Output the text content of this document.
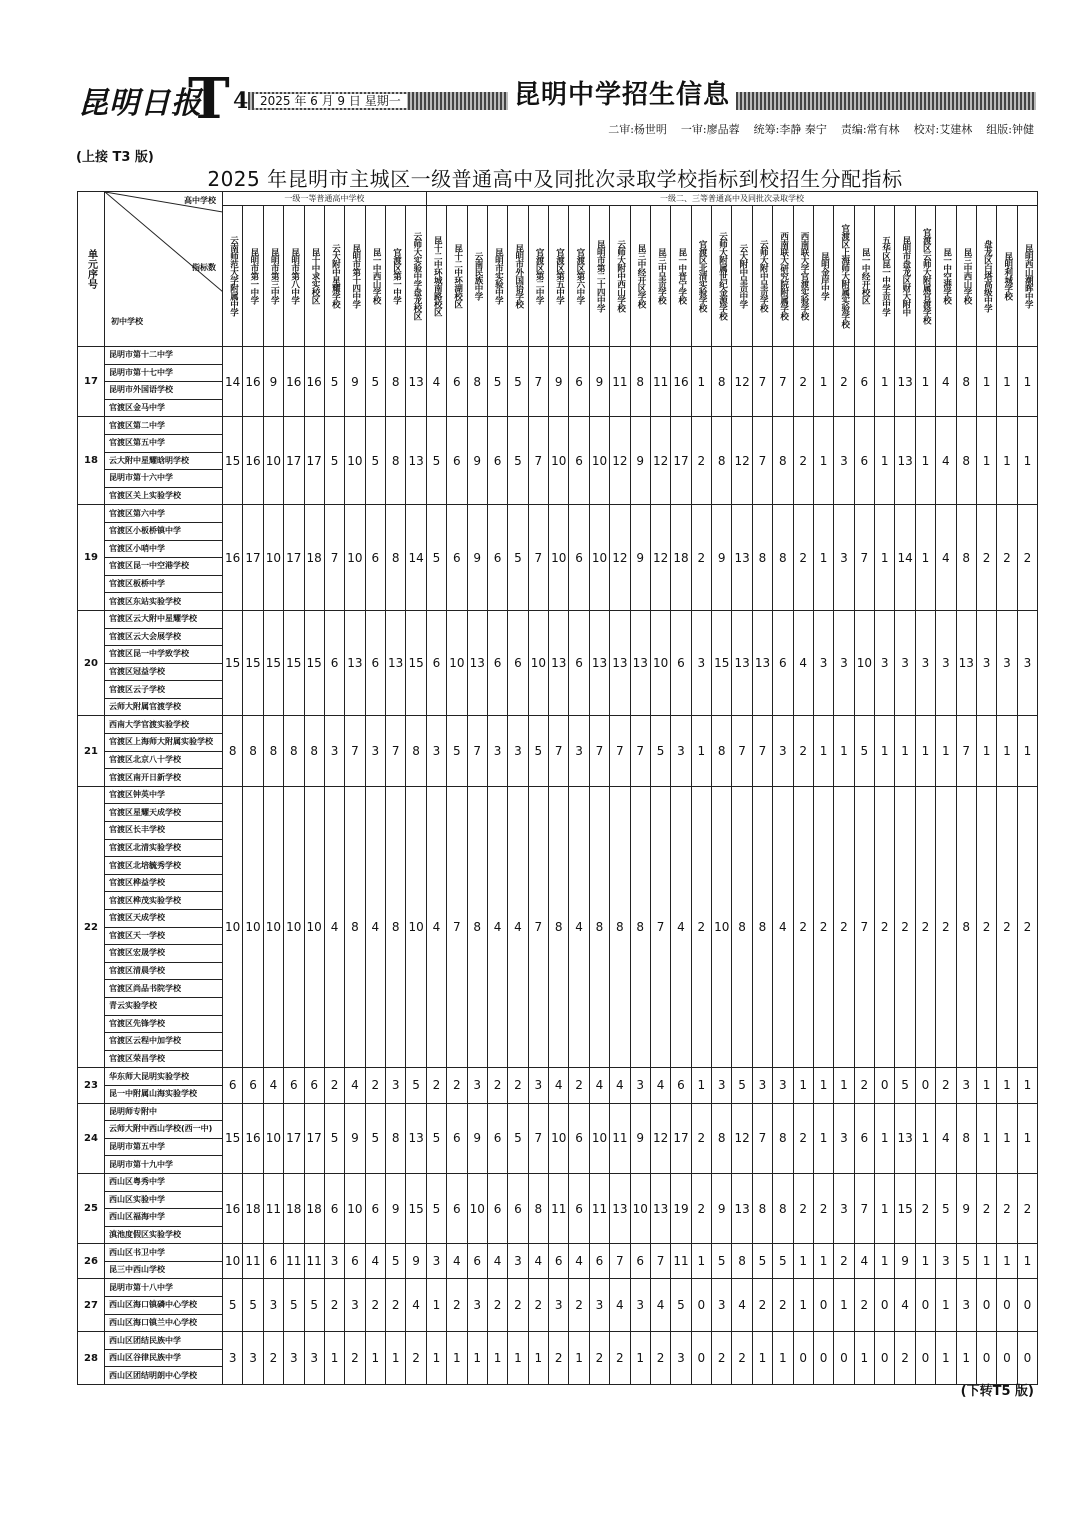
昆明日报
T 4 2025 年 6 月 9 日 星期一	昆明中学招生信息
二审:杨世明 一审:廖品蓉 统筹:李静 秦宁 责编:常有林 校对:艾建林 组版:钟健
(上接 T3 版)
2025 年昆明市主城区一级普通高中及同批次录取学校指标到校招生分配指标
单元序号	高中学校
指标数
初中学校	一级一等普通高中学校										一级二、三等普通高中及同批次录取学校																													
		云南师范大学附属中学	昆明市第一中学	昆明市第三中学	昆明市第八中学	昆十中求实校区	云大附中星耀学校	昆明市第十四中学	昆一中西山学校	官渡区第一中学	云师大实验中学盘龙校区	昆十二中环城南路校区	昆十二中环湖校区	云南民族中学	昆明市实验中学	昆明市外国语学校	官渡区第二中学	官渡区第五中学	官渡区第六中学	昆明市第二十四中学	云师大附中西山学校	昆三中经开区学校	昆三中呈贡学校	昆一中晋宁学校	官渡区北清实验学校	云师大附属世纪金源学校	云大附中呈贡中学	云师大附中呈贡学校	西南联大研究院附属学校	西南联大学官渡实验学校	昆明金岸中学	官渡区上海师大附属实验学校	昆一中经开校区	五华区昆一中学贡中学	昆明市盘龙区财大附中	官渡区云师大附属官渡学校	昆一中空港学校	昆三中西山学校	盘龙区白塔高级中学	昆明利城学校	昆明西山潮晖中学
17	昆明市第十二中学	14	16	9	16	16	5	9	5	8	13	4	6	8	5	5	7	9	6	9	11	8	11	16	1	8	12	7	7	2	1	2	6	1	13	1	4	8	1	1	1
	昆明市第十七中学																																								
	昆明市外国语学校																																								
	官渡区金马中学																																								
18	官渡区第二中学	15	16	10	17	17	5	10	5	8	13	5	6	9	6	5	7	10	6	10	12	9	12	17	2	8	12	7	8	2	1	3	6	1	13	1	4	8	1	1	1
	官渡区第五中学																																								
	云大附中星耀晗明学校																																								
	昆明市第十六中学																																								
	官渡区关上实验学校																																								
19	官渡区第六中学	16	17	10	17	18	7	10	6	8	14	5	6	9	6	5	7	10	6	10	12	9	12	18	2	9	13	8	8	2	1	3	7	1	14	1	4	8	2	2	2
	官渡区小板桥镇中学																																								
	官渡区小哨中学																																								
	官渡区昆一中空港学校																																								
	官渡区板桥中学																																								
	官渡区东站实验学校																																								
20	官渡区云大附中星耀学校	15	15	15	15	15	6	13	6	13	15	6	10	13	6	6	10	13	6	13	13	13	10	6	3	15	13	13	6	4	3	3	10	3	3	3	3	13	3	3	3
	官渡区云大会展学校																																								
	官渡区昆一中学致学校																																								
	官渡区冠益学校																																								
	官渡区云子学校																																								
	云师大附属官渡学校																																								
21	西南大学官渡实验学校	8	8	8	8	8	3	7	3	7	8	3	5	7	3	3	5	7	3	7	7	7	5	3	1	8	7	7	3	2	1	1	5	1	1	1	1	7	1	1	1
	官渡区上海师大附属实验学校																																								
	官渡区北京八十学校																																								
	官渡区南开日新学校																																								
22	官渡区钟英中学	10	10	10	10	10	4	8	4	8	10	4	7	8	4	4	7	8	4	8	8	8	7	4	2	10	8	8	4	2	2	2	7	2	2	2	2	8	2	2	2
	官渡区星耀天成学校																																								
	官渡区长丰学校																																								
	官渡区北清实验学校																																								
	官渡区北培毓秀学校																																								
	官渡区桦益学校																																								
	官渡区桦茂实验学校																																								
	官渡区天成学校																																								
	官渡区天一学校																																								
	官渡区宏晟学校																																								
	官渡区清晨学校																																								
	官渡区尚品书院学校																																								
	青云实验学校																																								
	官渡区先锋学校																																								
	官渡区云程中加学校																																								
	官渡区荣昌学校																																								
23	华东师大昆明实验学校	6	6	4	6	6	2	4	2	3	5	2	2	3	2	2	3	4	2	4	4	3	4	6	1	3	5	3	3	1	1	1	2	0	5	0	2	3	1	1	1
	昆一中附属山海实验学校																																								
24	昆明师专附中	15	16	10	17	17	5	9	5	8	13	5	6	9	6	5	7	10	6	10	11	9	12	17	2	8	12	7	8	2	1	3	6	1	13	1	4	8	1	1	1
	云师大附中西山学校(西一中)																																								
	昆明市第五中学																																								
	昆明市第十九中学																																								
25	西山区粤秀中学	16	18	11	18	18	6	10	6	9	15	5	6	10	6	6	8	11	6	11	13	10	13	19	2	9	13	8	8	2	2	3	7	1	15	2	5	9	2	2	2
	西山区实验中学																																								
	西山区福海中学																																								
	滇池度假区实验学校																																								
26	西山区书卫中学	10	11	6	11	11	3	6	4	5	9	3	4	6	4	3	4	6	4	6	7	6	7	11	1	5	8	5	5	1	1	2	4	1	9	1	3	5	1	1	1
	昆三中西山学校																																								
27	昆明市第十八中学	5	5	3	5	5	2	3	2	2	4	1	2	3	2	2	2	3	2	3	4	3	4	5	0	3	4	2	2	1	0	1	2	0	4	0	1	3	0	0	0
	西山区海口镇磷中心学校																																								
	西山区海口镇兰中心学校																																								
28	西山区团结民族中学	3	3	2	3	3	1	2	1	1	2	1	1	1	1	1	1	2	1	2	2	1	2	3	0	2	2	1	1	0	0	0	1	0	2	0	1	1	0	0	0
	西山区谷律民族中学																																								
	西山区团结明朗中心学校																																								
(下转T5 版)
